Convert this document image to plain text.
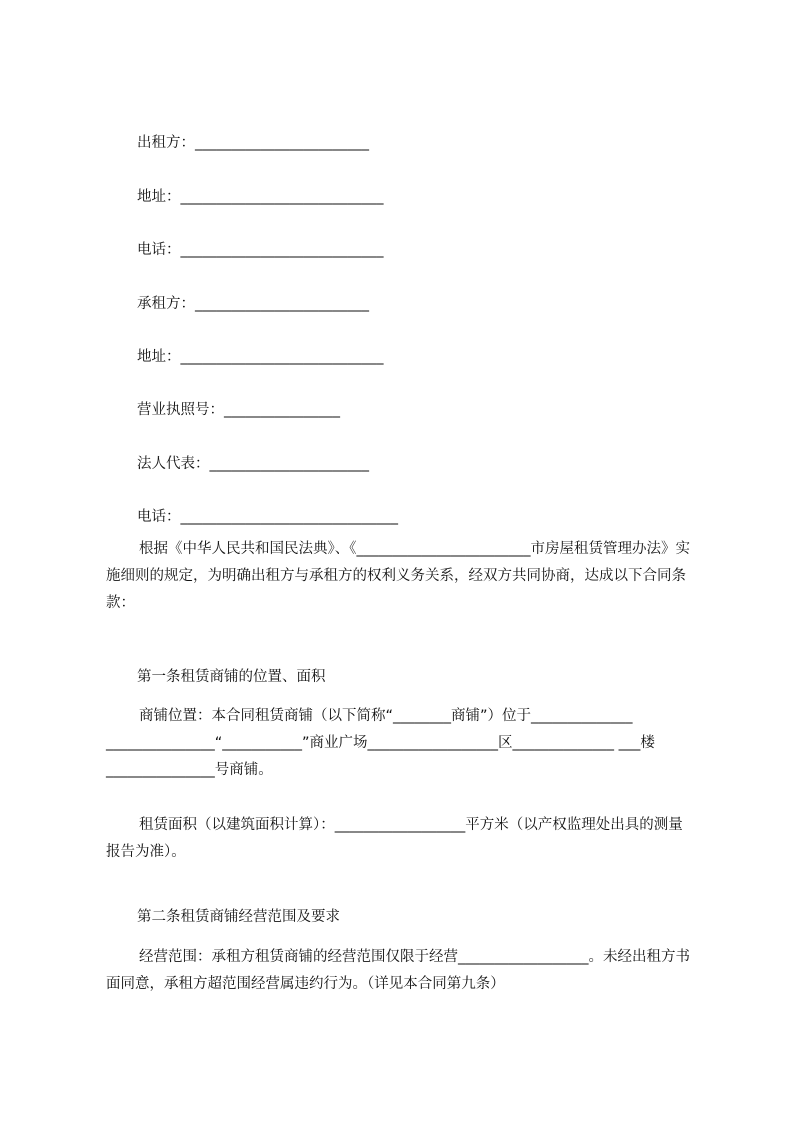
出租方：________________________
地址：____________________________
电话：____________________________
承租方：________________________
地址：____________________________
营业执照号：________________
法人代表：______________________
电话：______________________________

根据《中华人民共和国民法典》、《________________________市房屋租赁管理办法》实施细则的规定，为明确出租方与承租方的权利义务关系，经双方共同协商，达成以下合同条款：

第一条租赁商铺的位置、面积

商铺位置：本合同租赁商铺（以下简称“________商铺”）位于______________ _______________“___________”商业广场__________________区______________ ___楼_______________号商铺。

租赁面积（以建筑面积计算）：__________________平方米（以产权监理处出具的测量报告为准）。

第二条租赁商铺经营范围及要求

经营范围：承租方租赁商铺的经营范围仅限于经营__________________。未经出租方书面同意，承租方超范围经营属违约行为。（详见本合同第九条）
